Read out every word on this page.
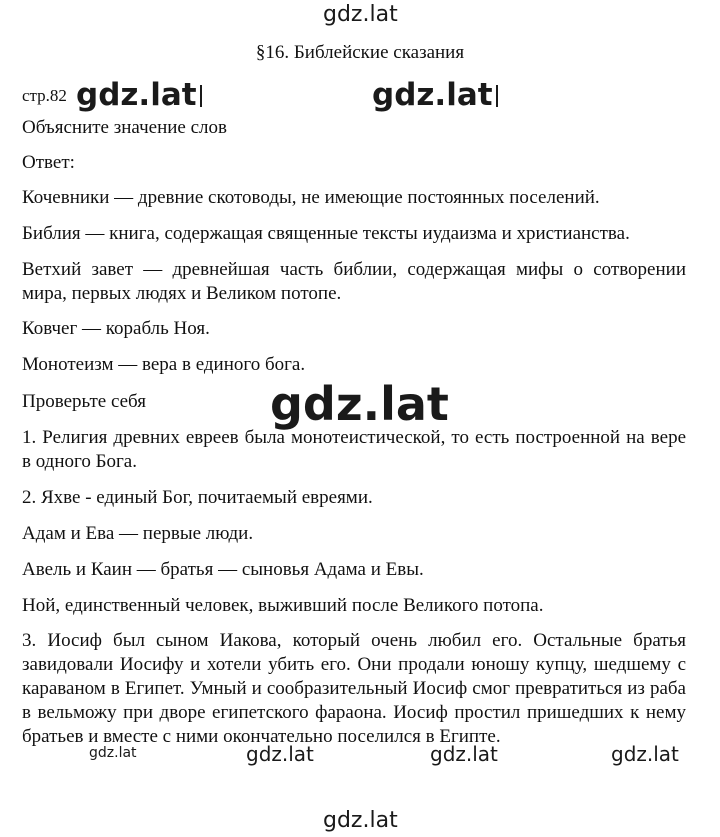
gdz.lat
§16. Библейские сказания
стр.82 gdz.lat	gdz.lat
Объясните значение слов
Ответ:
Кочевники — древние скотоводы, не имеющие постоянных поселений.
Библия — книга, содержащая священные тексты иудаизма и христианства.
Ветхий завет — древнейшая часть библии, содержащая мифы о сотворении мира, первых людях и Великом потопе.
Ковчег — корабль Ноя.
Монотеизм — вера в единого бога.
Проверьте себя	gdz.lat
1. Религия древних евреев была монотеистической, то есть построенной на вере в одного Бога.
2. Яхве - единый Бог, почитаемый евреями.
Адам и Ева — первые люди.
Авель и Каин — братья — сыновья Адама и Евы.
Ной, единственный человек, выживший после Великого потопа.
3. Иосиф был сыном Иакова, который очень любил его. Остальные братья завидовали Иосифу и хотели убить его. Они продали юношу купцу, шедшему с караваном в Египет. Умный и сообразительный Иосиф смог превратиться из раба в вельможу при дворе египетского фараона. Иосиф простил пришедших к нему братьев и вместе с ними окончательно поселился в Египте.
gdz.lat	gdz.lat	gdz.lat	gdz.lat
gdz.lat
